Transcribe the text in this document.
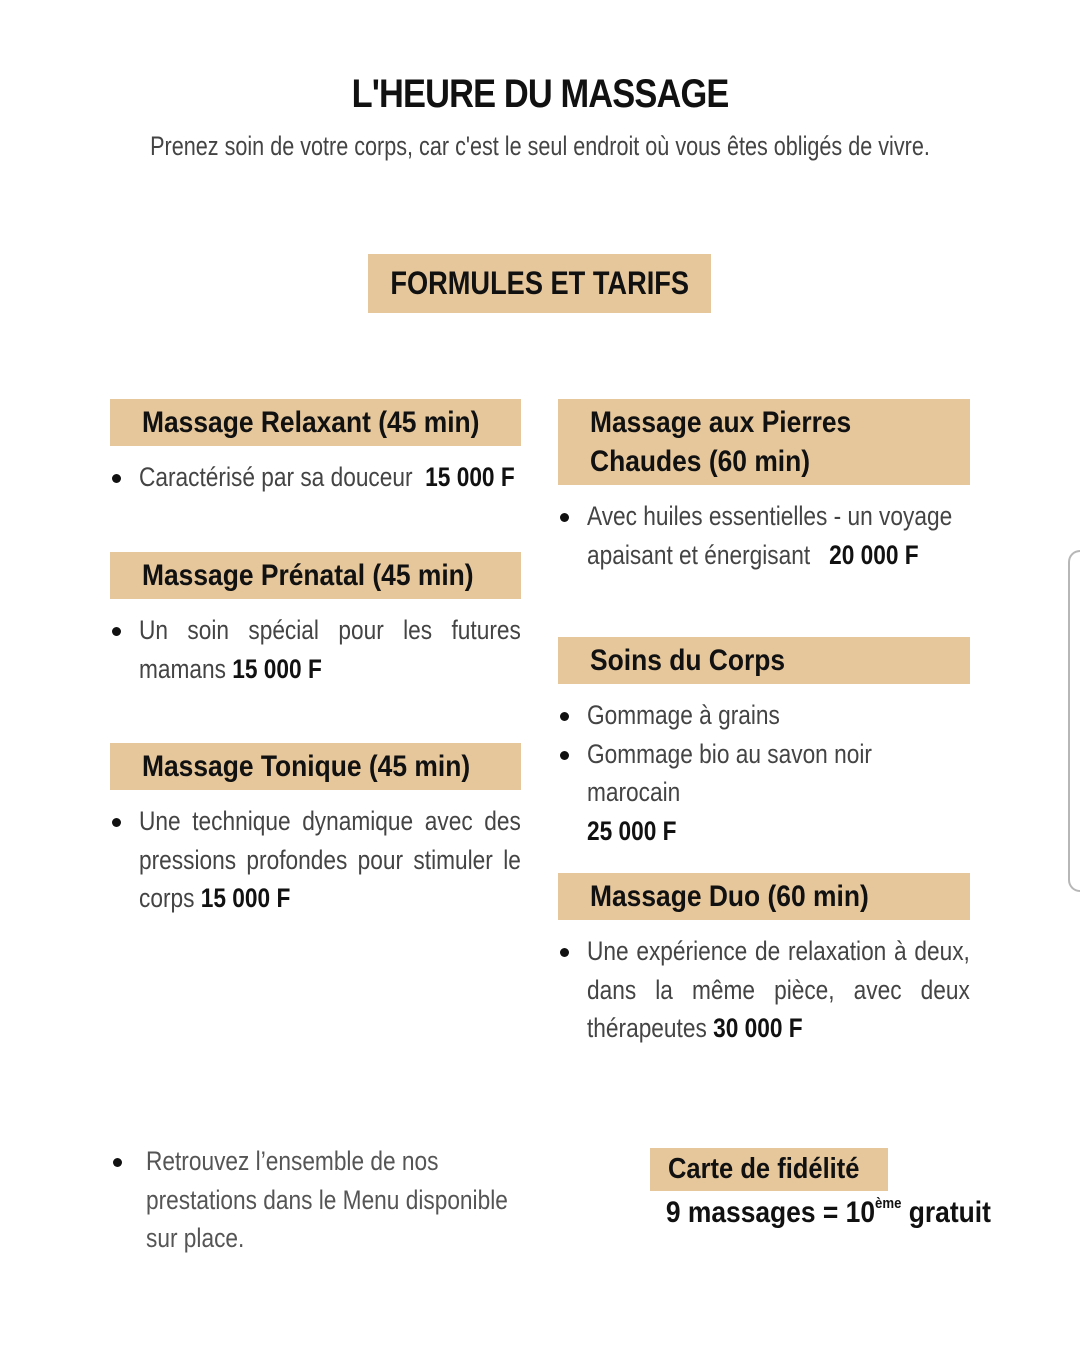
L'HEURE DU MASSAGE
Prenez soin de votre corps, car c'est le seul endroit où vous êtes obligés de vivre.
FORMULES ET TARIFS
Massage Relaxant (45 min)
Caractérisé par sa douceur 15 000 F
Massage Prénatal (45 min)
Un soin spécial pour les futures mamans 15 000 F
Massage Tonique (45 min)
Une technique dynamique avec des pressions profondes pour stimuler le corps 15 000 F
Massage aux Pierres
Chaudes (60 min)
Avec huiles essentielles - un voyage apaisant et énergisant 20 000 F
Soins du Corps
Gommage à grains
Gommage bio au savon noir marocain
25 000 F
Massage Duo (60 min)
Une expérience de relaxation à deux, dans la même pièce, avec deux thérapeutes 30 000 F
Retrouvez l’ensemble de nos prestations dans le Menu disponible sur place.
Carte de fidélité
9 massages = 10ème gratuit
